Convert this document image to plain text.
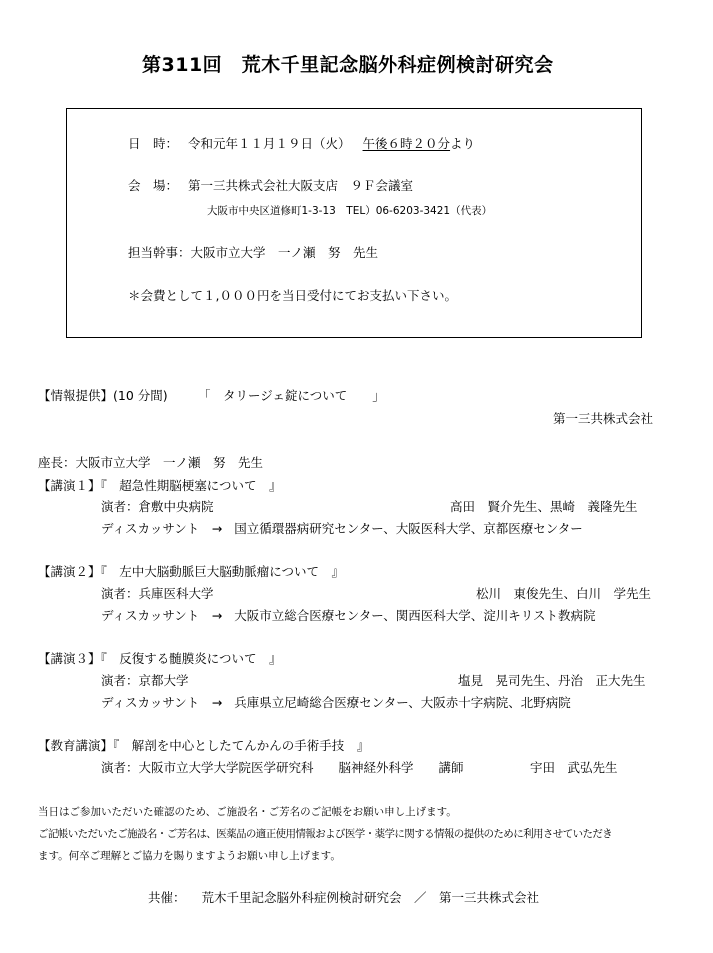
第311回　荒木千里記念脳外科症例検討研究会
日　時： 令和元年１１月１９日（火） 午後６時２０分より
会　場： 第一三共株式会社大阪支店　９Ｆ会議室
大阪市中央区道修町1-3-13　TEL）06-6203-3421（代表）
担当幹事：大阪市立大学　一ノ瀬　努　先生
＊会費として１,０００円を当日受付にてお支払い下さい。
【情報提供】(10 分間) 「　タリージェ錠について　　」
第一三共株式会社
座長：大阪市立大学　一ノ瀬　努　先生
【講演１】『　超急性期脳梗塞について　』
演者：倉敷中央病院	高田　賢介先生、黒崎　義隆先生
ディスカッサント　→ 国立循環器病研究センター、大阪医科大学、京都医療センター
【講演２】『　左中大脳動脈巨大脳動脈瘤について　』
演者：兵庫医科大学	松川　東俊先生、白川　学先生
ディスカッサント　→ 大阪市立総合医療センター、関西医科大学、淀川キリスト教病院
【講演３】『　反復する髄膜炎について　』
演者：京都大学	塩見　晃司先生、丹治　正大先生
ディスカッサント　→ 兵庫県立尼崎総合医療センター、大阪赤十字病院、北野病院
【教育講演】『　解剖を中心としたてんかんの手術手技　』
演者：大阪市立大学大学院医学研究科　　脳神経外科学　　講師	宇田　武弘先生
当日はご参加いただいた確認のため、ご施設名・ご芳名のご記帳をお願い申し上げます。
ご記帳いただいたご施設名・ご芳名は、医薬品の適正使用情報および医学・薬学に関する情報の提供のために利用させていただき
ます。何卒ご理解とご協力を賜りますようお願い申し上げます。
共催： 荒木千里記念脳外科症例検討研究会　／　第一三共株式会社
